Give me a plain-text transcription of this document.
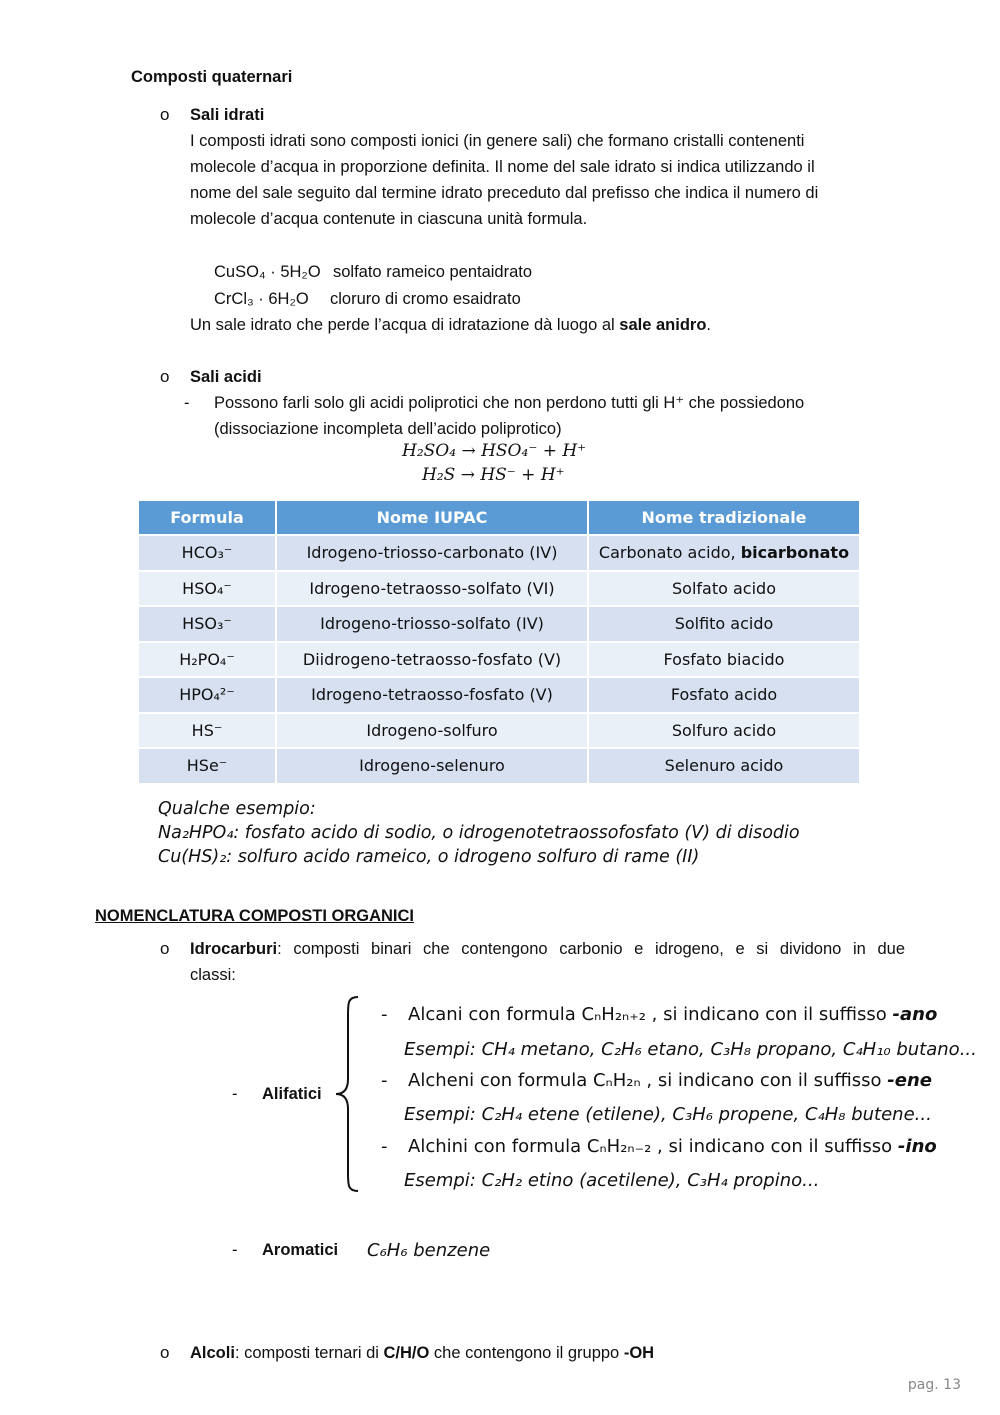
Composti quaternari
o Sali idrati
I composti idrati sono composti ionici (in genere sali) che formano cristalli contenenti
molecole d’acqua in proporzione definita. Il nome del sale idrato si indica utilizzando il
nome del sale seguito dal termine idrato preceduto dal prefisso che indica il numero di
molecole d’acqua contenute in ciascuna unità formula.
CuSO₄ · 5H₂O solfato rameico pentaidrato
CrCl₃ · 6H₂O cloruro di cromo esaidrato
Un sale idrato che perde l’acqua di idratazione dà luogo al sale anidro.
o Sali acidi
- Possono farli solo gli acidi poliprotici che non perdono tutti gli H⁺ che possiedono
(dissociazione incompleta dell’acido poliprotico)
H₂SO₄ → HSO₄⁻ + H⁺
H₂S → HS⁻ + H⁺
Formula	Nome IUPAC	Nome tradizionale
HCO₃⁻	Idrogeno-triosso-carbonato (IV)	Carbonato acido, bicarbonato
HSO₄⁻	Idrogeno-tetraosso-solfato (VI)	Solfato acido
HSO₃⁻	Idrogeno-triosso-solfato (IV)	Solfito acido
H₂PO₄⁻	Diidrogeno-tetraosso-fosfato (V)	Fosfato biacido
HPO₄²⁻	Idrogeno-tetraosso-fosfato (V)	Fosfato acido
HS⁻	Idrogeno-solfuro	Solfuro acido
HSe⁻	Idrogeno-selenuro	Selenuro acido
Qualche esempio:
Na₂HPO₄: fosfato acido di sodio, o idrogenotetraossofosfato (V) di disodio
Cu(HS)₂: solfuro acido rameico, o idrogeno solfuro di rame (II)
NOMENCLATURA COMPOSTI ORGANICI
o Idrocarburi: composti binari che contengono carbonio e idrogeno, e si dividono in due
classi:
- Alifatici
- Alcani con formula CₙH₂ₙ₊₂ , si indicano con il suffisso -ano
Esempi: CH₄ metano, C₂H₆ etano, C₃H₈ propano, C₄H₁₀ butano...
- Alcheni con formula CₙH₂ₙ , si indicano con il suffisso -ene
Esempi: C₂H₄ etene (etilene), C₃H₆ propene, C₄H₈ butene...
- Alchini con formula CₙH₂ₙ₋₂ , si indicano con il suffisso -ino
Esempi: C₂H₂ etino (acetilene), C₃H₄ propino...
- Aromatici C₆H₆ benzene
o Alcoli: composti ternari di C/H/O che contengono il gruppo -OH
pag. 13
